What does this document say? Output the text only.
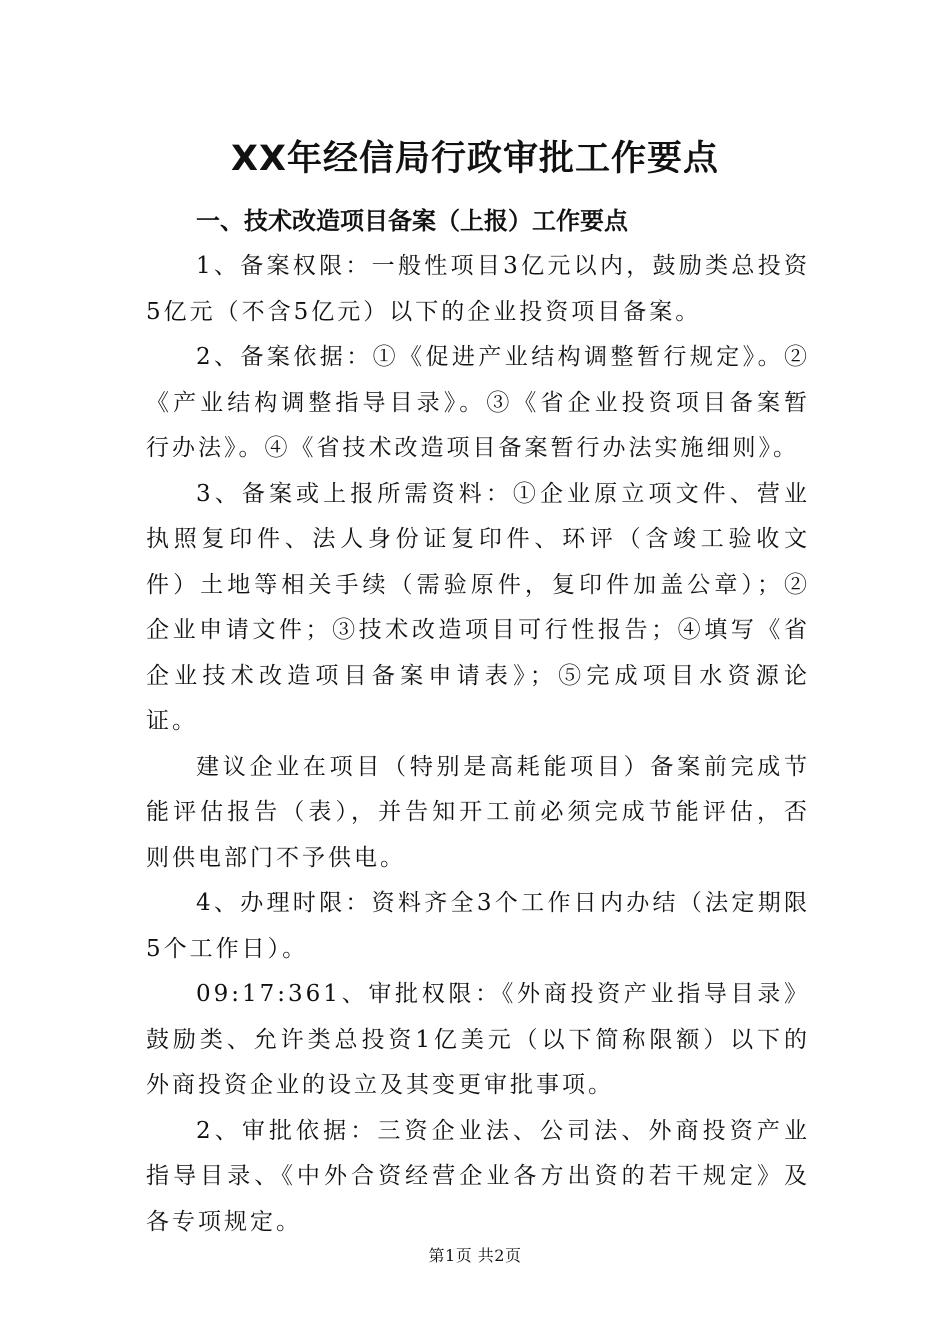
XX年经信局行政审批工作要点

一、技术改造项目备案（上报）工作要点

1、备案权限：一般性项目3亿元以内，鼓励类总投资5亿元（不含5亿元）以下的企业投资项目备案。

2、备案依据：①《促进产业结构调整暂行规定》。②《产业结构调整指导目录》。③《省企业投资项目备案暂行办法》。④《省技术改造项目备案暂行办法实施细则》。

3、备案或上报所需资料：①企业原立项文件、营业执照复印件、法人身份证复印件、环评（含竣工验收文件）土地等相关手续（需验原件，复印件加盖公章）；②企业申请文件；③技术改造项目可行性报告；④填写《省企业技术改造项目备案申请表》；⑤完成项目水资源论证。

建议企业在项目（特别是高耗能项目）备案前完成节能评估报告（表），并告知开工前必须完成节能评估，否则供电部门不予供电。

4、办理时限：资料齐全3个工作日内办结（法定期限5个工作日）。

09:17:361、审批权限：《外商投资产业指导目录》鼓励类、允许类总投资1亿美元（以下简称限额）以下的外商投资企业的设立及其变更审批事项。

2、审批依据：三资企业法、公司法、外商投资产业指导目录、《中外合资经营企业各方出资的若干规定》及各专项规定。

第1页 共2页
